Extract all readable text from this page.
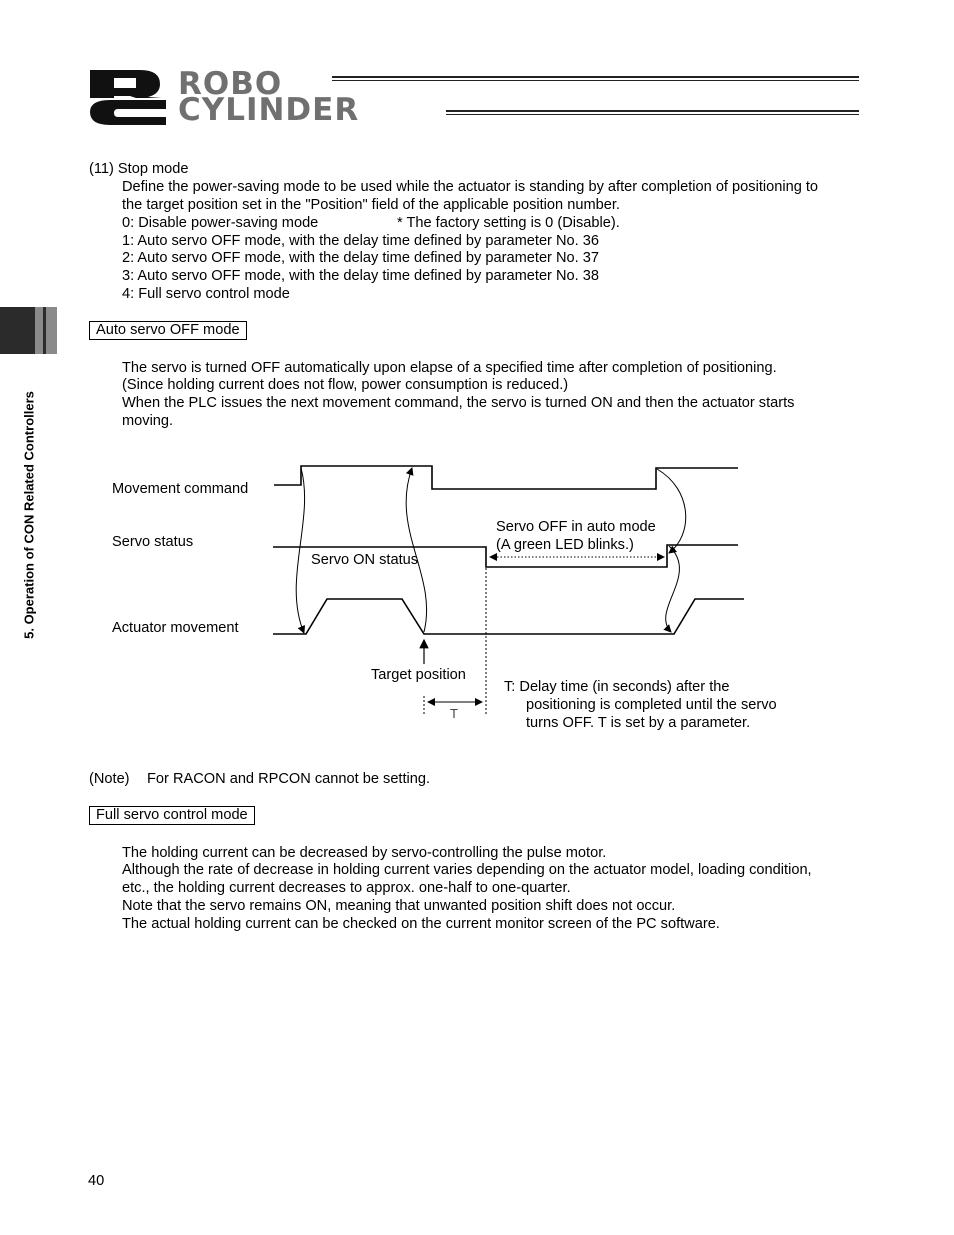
ROBO
CYLINDER
5. Operation of CON Related Controllers
(11) Stop mode
Define the power-saving mode to be used while the actuator is standing by after completion of positioning to
the target position set in the "Position" field of the applicable position number.
0: Disable power-saving mode	* The factory setting is 0 (Disable).
1: Auto servo OFF mode, with the delay time defined by parameter No. 36
2: Auto servo OFF mode, with the delay time defined by parameter No. 37
3: Auto servo OFF mode, with the delay time defined by parameter No. 38
4: Full servo control mode
Auto servo OFF mode
The servo is turned OFF automatically upon elapse of a specified time after completion of positioning.
(Since holding current does not flow, power consumption is reduced.)
When the PLC issues the next movement command, the servo is turned ON and then the actuator starts
moving.
Movement command
Servo status
Actuator movement
Servo ON status
Servo OFF in auto mode
(A green LED blinks.)
Target position
T
T: Delay time (in seconds) after the
positioning is completed until the servo
turns OFF. T is set by a parameter.
(Note) For RACON and RPCON cannot be setting.
Full servo control mode
The holding current can be decreased by servo-controlling the pulse motor.
Although the rate of decrease in holding current varies depending on the actuator model, loading condition,
etc., the holding current decreases to approx. one-half to one-quarter.
Note that the servo remains ON, meaning that unwanted position shift does not occur.
The actual holding current can be checked on the current monitor screen of the PC software.
40
